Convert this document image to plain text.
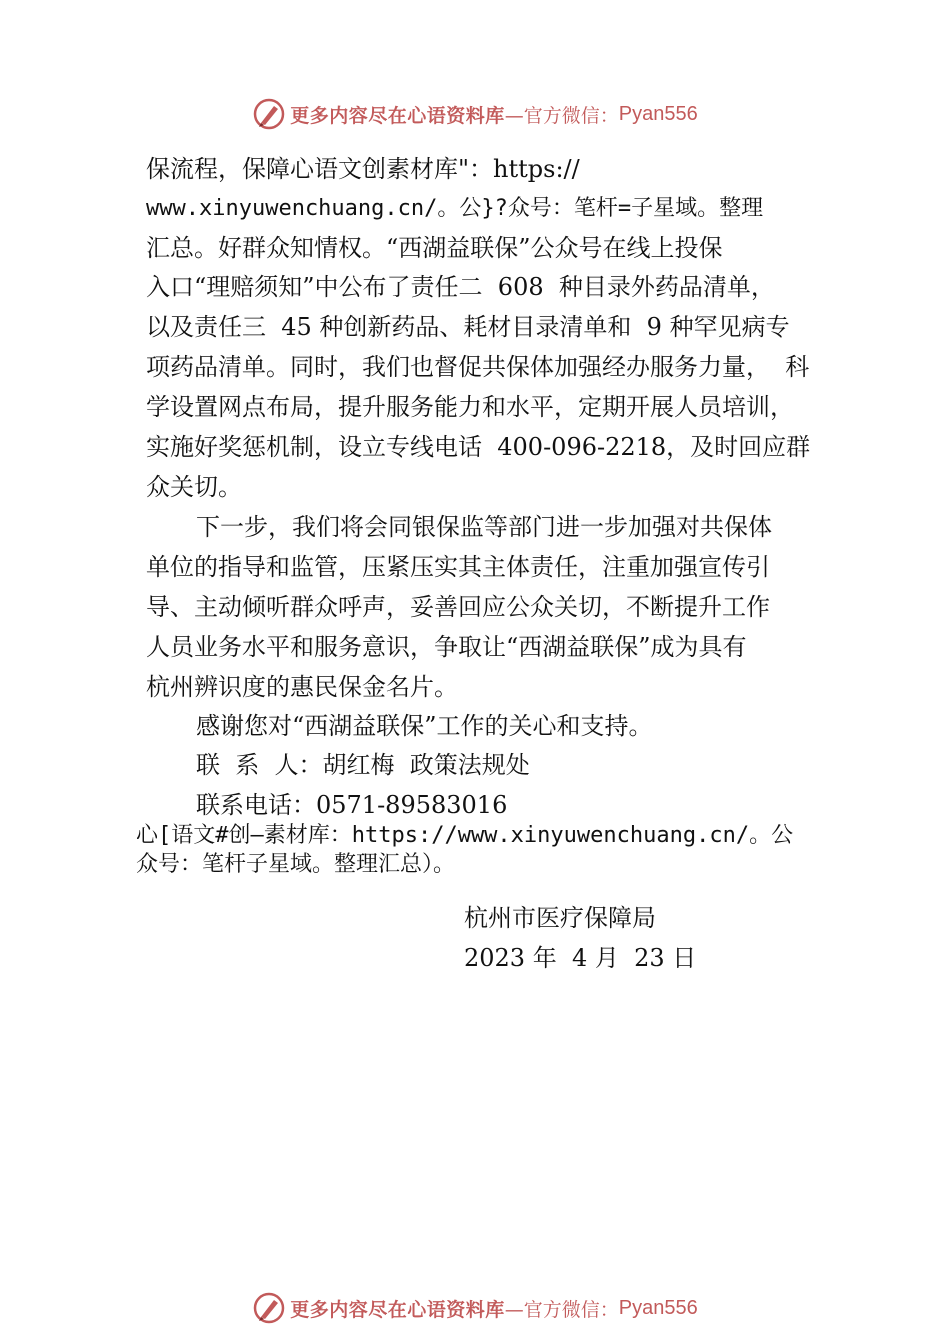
更多内容尽在心语资料库 —官方微信： Pyan556
保流程，保障心语文创素材库"：https://
www.xinyuwenchuang.cn/。公}?众号：笔杆=子星域。整理
汇总。好群众知情权。“西湖益联保”公众号在线上投保
入口“理赔须知”中公布了责任二  608  种目录外药品清单，
以及责任三  45 种创新药品、耗材目录清单和  9 种罕见病专
项药品清单。同时，我们也督促共保体加强经办服务力量，  科
学设置网点布局，提升服务能力和水平，定期开展人员培训，
实施好奖惩机制，设立专线电话  400-096-2218，及时回应群
众关切。
下一步，我们将会同银保监等部门进一步加强对共保体
单位的指导和监管，压紧压实其主体责任，注重加强宣传引
导、主动倾听群众呼声，妥善回应公众关切，不断提升工作
人员业务水平和服务意识，争取让“西湖益联保”成为具有
杭州辨识度的惠民保金名片。
感谢您对“西湖益联保”工作的关心和支持。
联  系  人：胡红梅  政策法规处
联系电话：0571-89583016
心[语文#创—素材库：https://www.xinyuwenchuang.cn/。公
众号：笔杆子星域。整理汇总）。
杭州市医疗保障局
2023 年  4 月  23 日
更多内容尽在心语资料库 —官方微信： Pyan556
